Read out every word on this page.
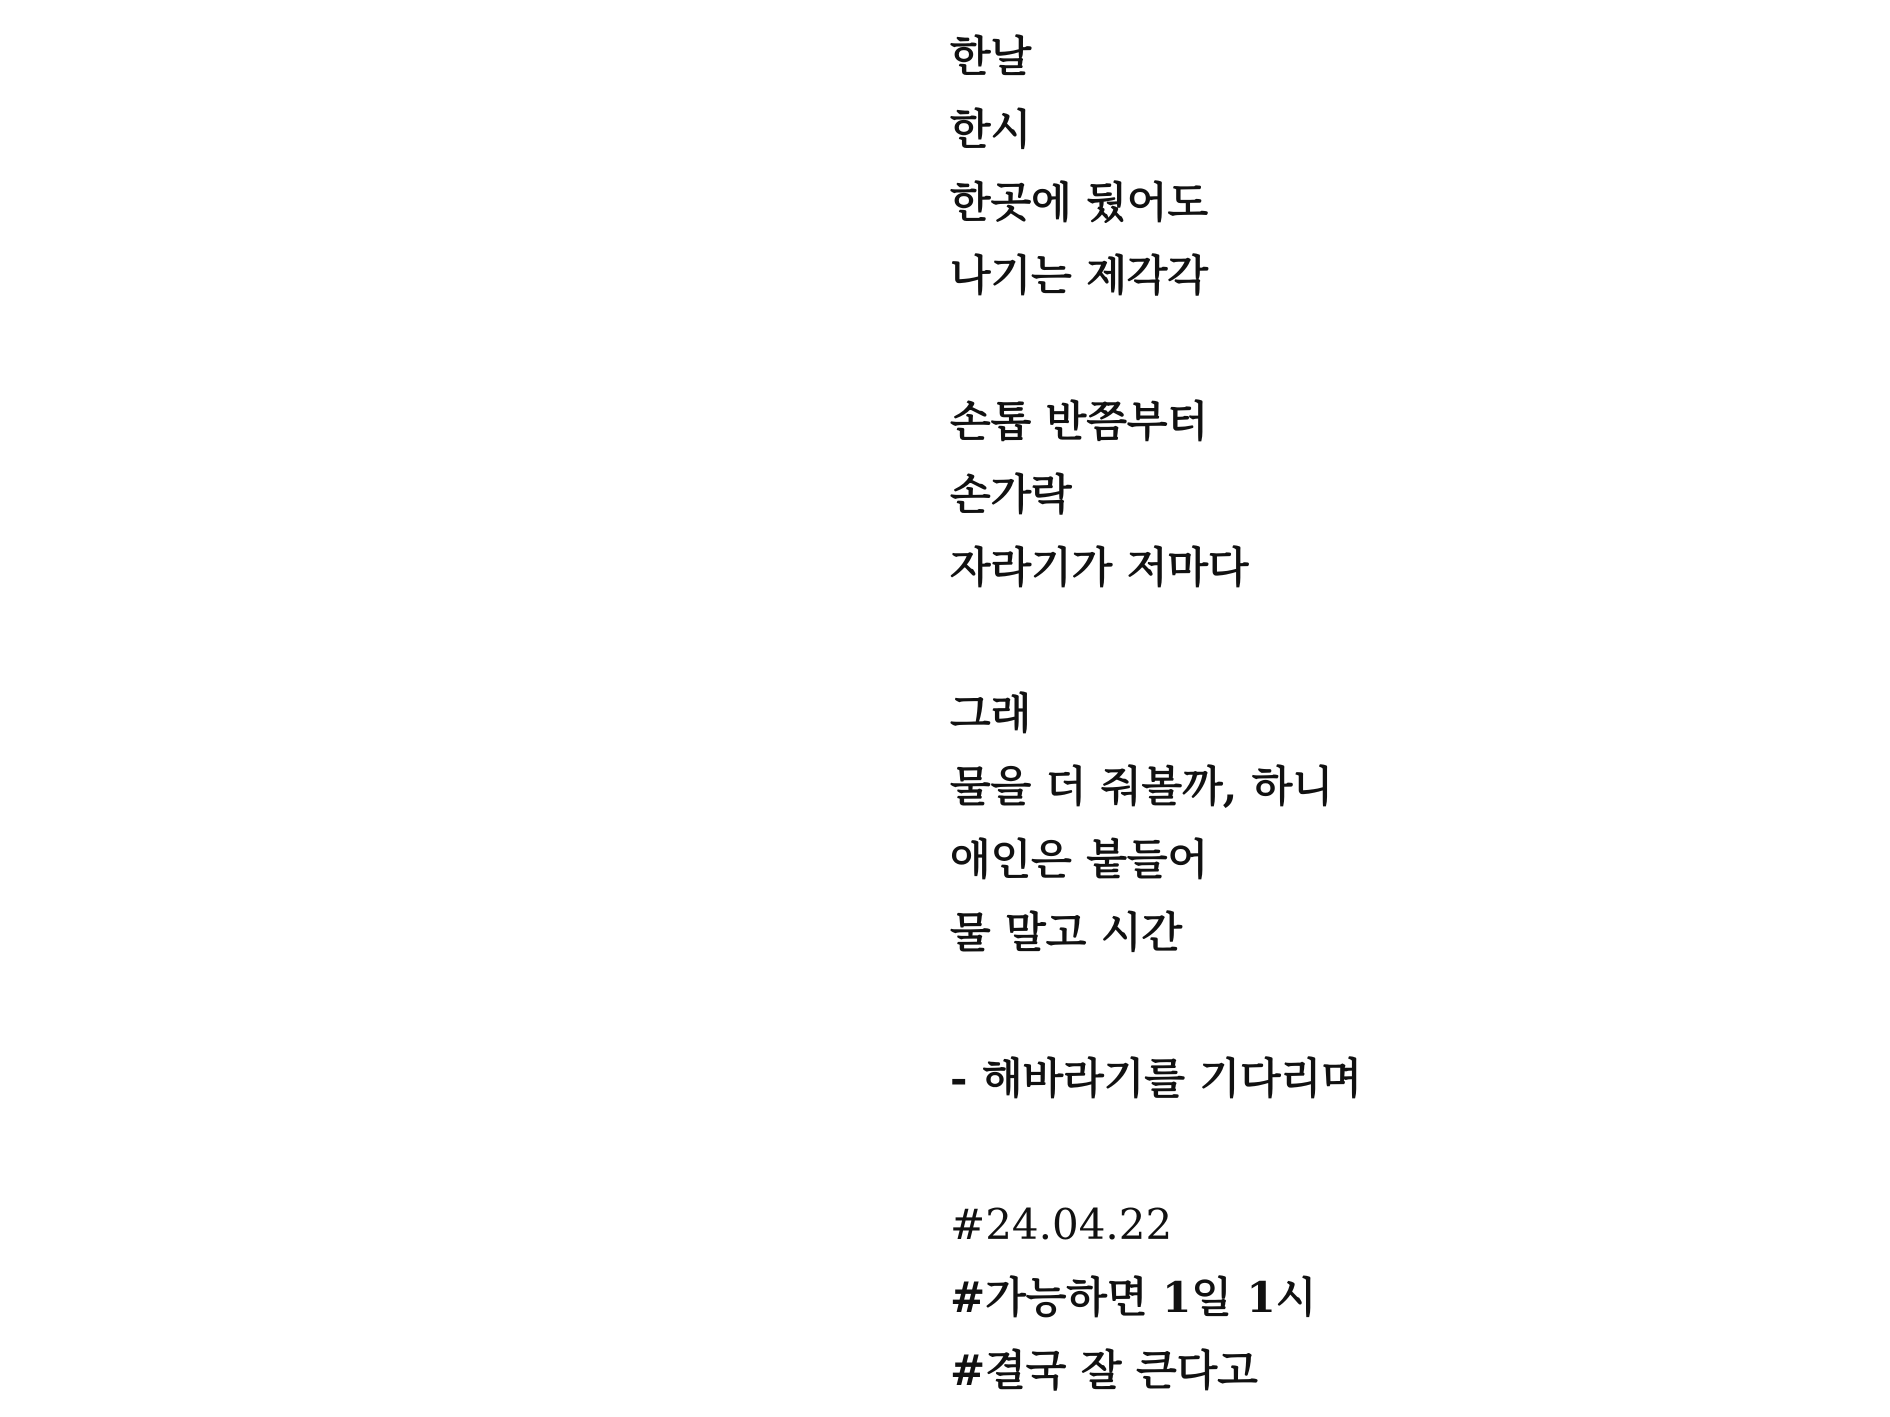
한날
한시
한곳에 뒀어도
나기는 제각각
손톱 반쯤부터
손가락
자라기가 저마다
그래
물을 더 줘볼까, 하니
애인은 붙들어
물 말고 시간
- 해바라기를 기다리며
#24.04.22
#가능하면 1일 1시
#결국 잘 큰다고
